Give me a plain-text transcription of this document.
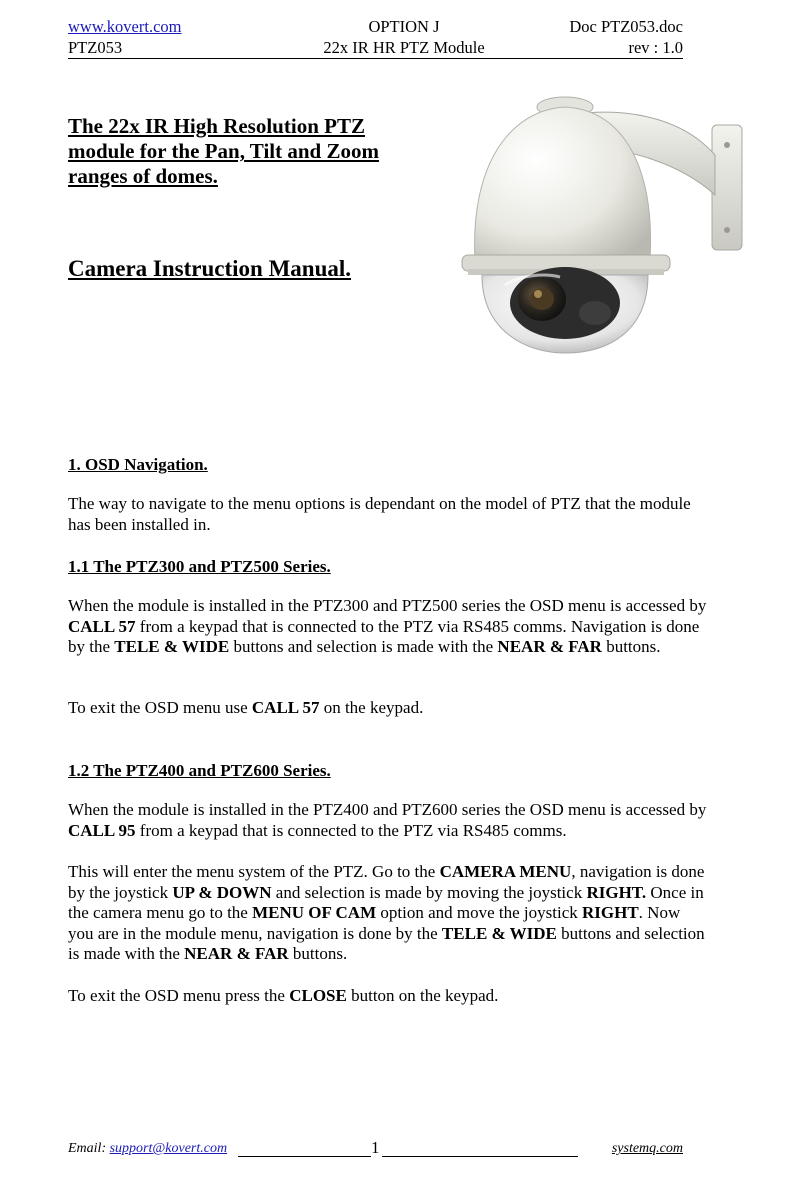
www.kovert.com	OPTION J	Doc PTZ053.doc
PTZ053	22x IR HR PTZ Module	rev : 1.0
The 22x IR High Resolution PTZ
module for the Pan, Tilt and Zoom
ranges of domes.
Camera Instruction Manual.
1. OSD Navigation.
The way to navigate to the menu options is dependant on the model of PTZ that the module has been installed in.
1.1 The PTZ300 and PTZ500 Series.
When the module is installed in the PTZ300 and PTZ500 series the OSD menu is accessed by CALL 57 from a keypad that is connected to the PTZ via RS485 comms. Navigation is done by the TELE & WIDE buttons and selection is made with the NEAR & FAR buttons.
To exit the OSD menu use CALL 57 on the keypad.
1.2 The PTZ400 and PTZ600 Series.
When the module is installed in the PTZ400 and PTZ600 series the OSD menu is accessed by CALL 95 from a keypad that is connected to the PTZ via RS485 comms.
This will enter the menu system of the PTZ. Go to the CAMERA MENU, navigation is done by the joystick UP & DOWN and selection is made by moving the joystick RIGHT. Once in the camera menu go to the MENU OF CAM option and move the joystick RIGHT. Now you are in the module menu, navigation is done by the TELE & WIDE buttons and selection is made with the NEAR & FAR buttons.
To exit the OSD menu press the CLOSE button on the keypad.
Email: support@kovert.com	1	systemq.com
